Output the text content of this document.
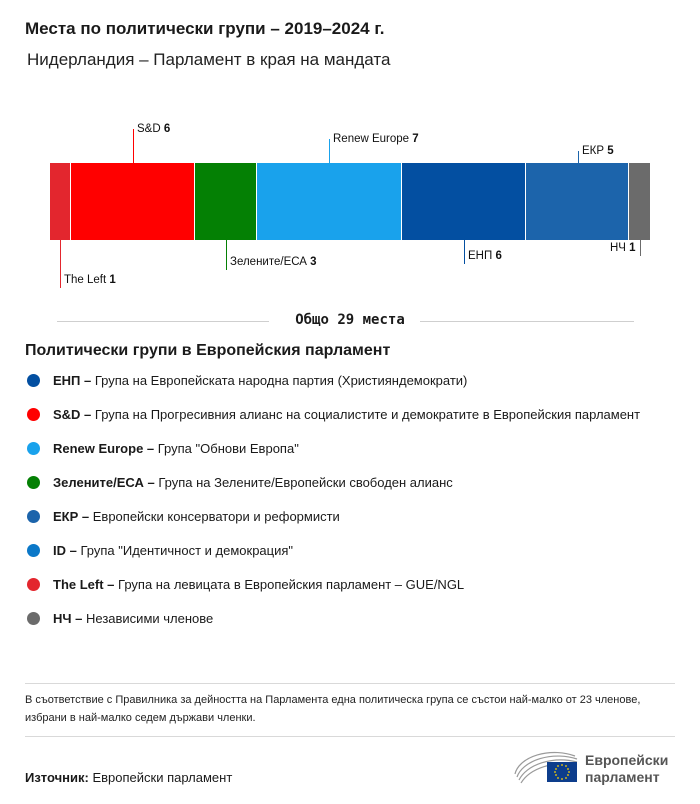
Места по политически групи – 2019–2024 г.
Нидерландия – Парламент в края на мандата
The Left 1
S&D 6
Зелените/ЕСА 3
Renew Europe 7
ЕНП 6
ЕКР 5
НЧ 1
Общо 29 места
Политически групи в Европейския парламент
ЕНП – Група на Европейската народна партия (Християндемократи)
S&D – Група на Прогресивния алианс на социалистите и демократите в Европейския парламент
Renew Europe – Група "Обнови Европа"
Зелените/ЕСА – Група на Зелените/Европейски свободен алианс
ЕКР – Европейски консерватори и реформисти
ID – Група "Идентичност и демокрация"
The Left – Група на левицата в Европейския парламент – GUE/NGL
НЧ – Независими членове
В съответствие с Правилника за дейността на Парламента една политическа група се състои най-малко от 23 членове, избрани в най-малко седем държави членки.
Източник: Европейски парламент
Европейски
парламент
